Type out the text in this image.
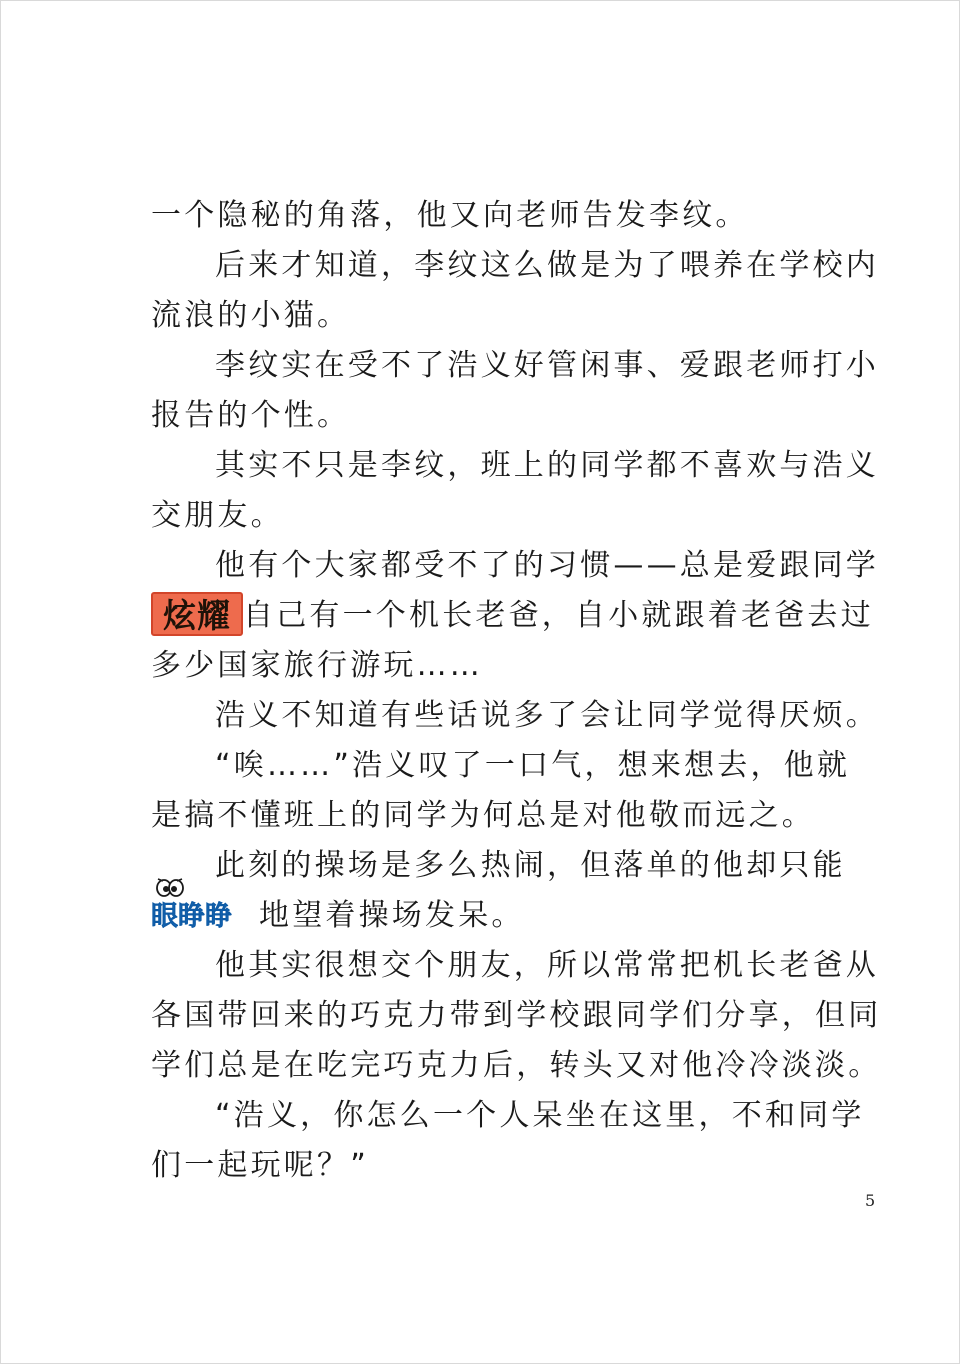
一个隐秘的角落，他又向老师告发李纹。
后来才知道，李纹这么做是为了喂养在学校内
流浪的小猫。
李纹实在受不了浩义好管闲事、爱跟老师打小
报告的个性。
其实不只是李纹，班上的同学都不喜欢与浩义
交朋友。
他有个大家都受不了的习惯——总是爱跟同学
炫耀 自己有一个机长老爸，自小就跟着老爸去过
多少国家旅行游玩……
浩义不知道有些话说多了会让同学觉得厌烦。
“唉……”浩义叹了一口气，想来想去，他就
是搞不懂班上的同学为何总是对他敬而远之。
此刻的操场是多么热闹，但落单的他却只能
眼睁睁 地望着操场发呆。
他其实很想交个朋友，所以常常把机长老爸从
各国带回来的巧克力带到学校跟同学们分享，但同
学们总是在吃完巧克力后，转头又对他冷冷淡淡。
“浩义，你怎么一个人呆坐在这里，不和同学
们一起玩呢？”
5
